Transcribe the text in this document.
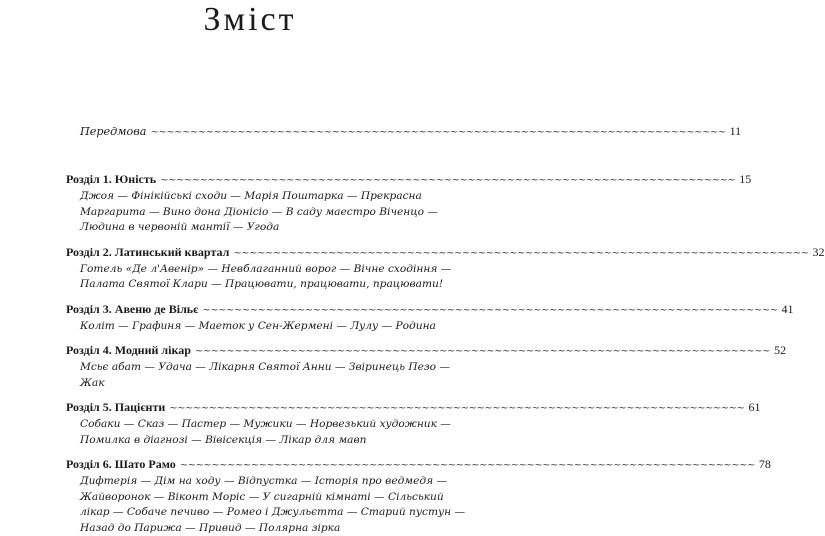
Зміст
Передмова ~~~~~~~~~~~~~~~~~~~~~~~~~~~~~~~~~~~~~~~~~~~~~~~~~~~~~~~~~~~~~~~~~~~~~~~~~ 11
Розділ 1. Юність ~~~~~~~~~~~~~~~~~~~~~~~~~~~~~~~~~~~~~~~~~~~~~~~~~~~~~~~~~~~~~~~~~~~~~~~~~ 15

Джоя — Фінікійські сходи — Марія Поштарка — Прекрасна
Маргарита — Вино дона Діонісіо — В саду маестро Віченцо —
Людина в червоній мантії — Угода

Розділ 2. Латинський квартал ~~~~~~~~~~~~~~~~~~~~~~~~~~~~~~~~~~~~~~~~~~~~~~~~~~~~~~~~~~~~~~~~~~~~~~~~~ 32

Готель «Де л'Авенір» — Невблаганний ворог — Вічне сходіння —
Палата Святої Клари — Працювати, працювати, працювати!

Розділ 3. Авеню де Вільє ~~~~~~~~~~~~~~~~~~~~~~~~~~~~~~~~~~~~~~~~~~~~~~~~~~~~~~~~~~~~~~~~~~~~~~~~~ 41

Коліт — Графиня — Маеток у Сен-Жермені — Лулу — Родина

Розділ 4. Модний лікар ~~~~~~~~~~~~~~~~~~~~~~~~~~~~~~~~~~~~~~~~~~~~~~~~~~~~~~~~~~~~~~~~~~~~~~~~~ 52

Мсьє абат — Удача — Лікарня Святої Анни — Звіринець Пезо —
Жак

Розділ 5. Пацієнти ~~~~~~~~~~~~~~~~~~~~~~~~~~~~~~~~~~~~~~~~~~~~~~~~~~~~~~~~~~~~~~~~~~~~~~~~~ 61

Собаки — Сказ — Пастер — Мужики — Норвезький художник —
Помилка в діагнозі — Вівісекція — Лікар для мавп

Розділ 6. Шато Рамо ~~~~~~~~~~~~~~~~~~~~~~~~~~~~~~~~~~~~~~~~~~~~~~~~~~~~~~~~~~~~~~~~~~~~~~~~~ 78

Дифтерія — Дім на ходу — Відпустка — Історія про ведмедя —
Жайворонок — Віконт Моріс — У сигарній кімнаті — Сільський
лікар — Собаче печиво — Ромео і Джульєтта — Старий пустун —
Назад до Парижа — Привид — Полярна зірка
